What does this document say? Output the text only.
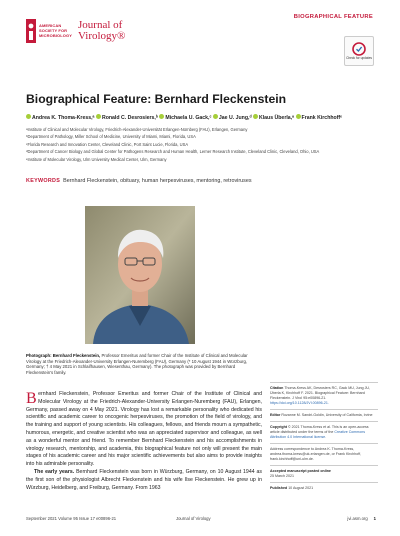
AMERICAN SOCIETY FOR MICROBIOLOGY
Journal of
Virology®
BIOGRAPHICAL FEATURE
Check for updates
Biographical Feature: Bernhard Fleckenstein
Andrea K. Thoma-Kress,ᵃ Ronald C. Desrosiers,ᵇ Michaela U. Gack,ᶜ Jae U. Jung,ᵈ Klaus Überla,ᵃ Frank Kirchhoffᵉ
ᵃInstitute of Clinical and Molecular Virology, Friedrich-Alexander-Universität Erlangen-Nürnberg (FAU), Erlangen, Germany
ᵇDepartment of Pathology, Miller School of Medicine, University of Miami, Miami, Florida, USA
ᶜFlorida Research and Innovation Center, Cleveland Clinic, Port Saint Lucie, Florida, USA
ᵈDepartment of Cancer Biology and Global Center for Pathogens Research and Human Health, Lerner Research Institute, Cleveland Clinic, Cleveland, Ohio, USA
ᵉInstitute of Molecular Virology, Ulm University Medical Center, Ulm, Germany
KEYWORDS Bernhard Fleckenstein, obituary, human herpesviruses, mentoring, retroviruses
Photograph: Bernhard Fleckenstein, Professor Emeritus and former Chair of the Institute of Clinical and Molecular Virology at the Friedrich-Alexander-University Erlangen-Nuremberg (FAU), Germany (* 10 August 1944 in Würzburg, Germany; † 4 May 2021 in Schlaifhausen, Wiesenthau, Germany). The photograph was provided by Bernhard Fleckenstein's family.

Bernhard Fleckenstein, Professor Emeritus and former Chair of the Institute of Clinical and Molecular Virology at the Friedrich-Alexander-University Erlangen-Nuremberg (FAU), Erlangen, Germany, passed away on 4 May 2021. Virology has lost a remarkable personality who dedicated his scientific and academic career to oncogenic herpesviruses, the promotion of the field of virology, and the training and support of young scientists. His colleagues, fellows, and friends mourn a sympathetic, humorous, energetic, and creative scientist who was an appreciated supervisor and colleague, as well as a wonderful mentor and friend. To remember Bernhard Fleckenstein and his accomplishments in virology research, mentorship, and academia, this biographical feature not only will present the main stages of his academic career and his major scientific achievements but also aims to provide insights into his admirable personality.

The early years. Bernhard Fleckenstein was born in Würzburg, Germany, on 10 August 1944 as the first son of the physiologist Albrecht Fleckenstein and his wife Ilse Fleckenstein. He grew up in Würzburg, Heidelberg, and Freiburg, Germany. From 1963

Citation Thoma-Kress AK, Desrosiers RC, Gack MU, Jung JU, Überla K, Kirchhoff F. 2021. Biographical Feature: Bernhard Fleckenstein. J Virol 95:e00896-21. https://doi.org/10.1128/JVI.00896-21.
Editor Rozanne M. Sandri-Goldin, University of California, Irvine
Copyright © 2021 Thoma-Kress et al. This is an open-access article distributed under the terms of the Creative Commons Attribution 4.0 International license.
Address correspondence to Andrea K. Thoma-Kress, andrea.thoma-kress@uk-erlangen.de, or Frank Kirchhoff, frank.kirchhoff@uni-ulm.de.
Accepted manuscript posted online
25 March 2021
Published 10 August 2021
September 2021 Volume 95 Issue 17 e00896-21	Journal of Virology	jvi.asm.org 1
